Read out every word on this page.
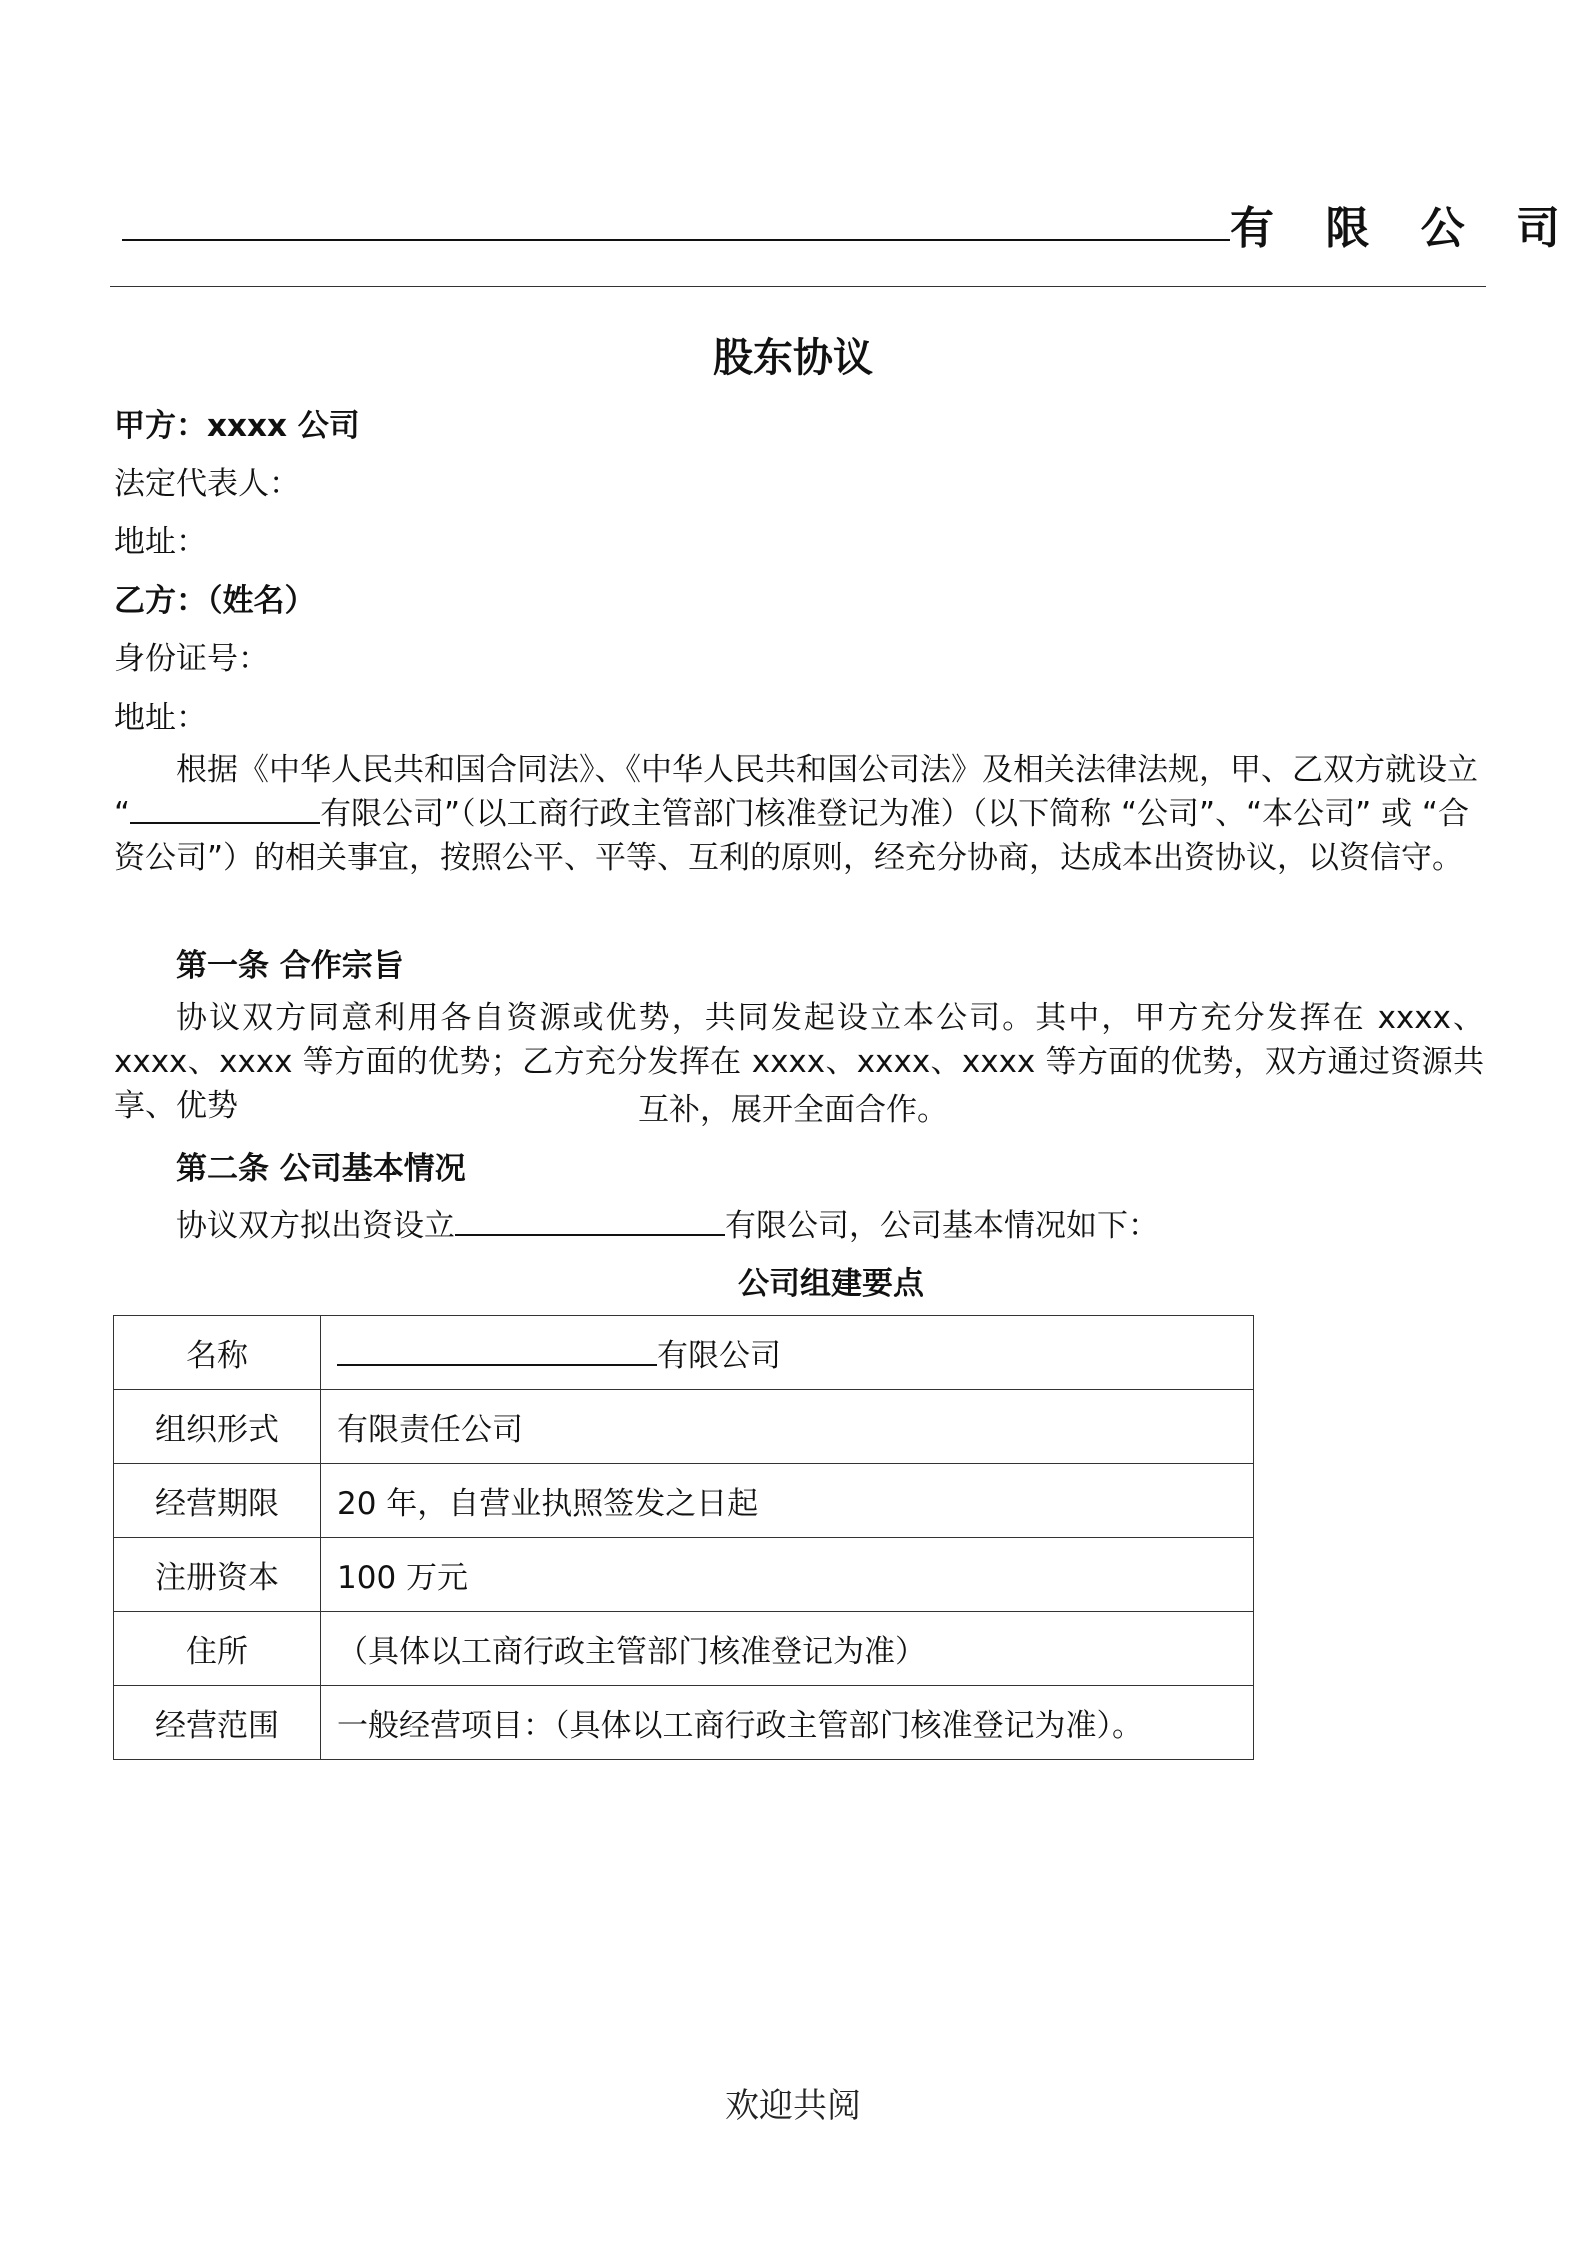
有 限 公 司
股东协议
甲方：xxxx 公司
法定代表人：
地址：
乙方：（姓名）
身份证号：
地址：
根据《中华人民共和国合同法》、《中华人民共和国公司法》及相关法律法规，甲、乙双方就设立 “	有限公司”（以工商行政主管部门核准登记为准）（以下简称 “公司”、“本公司” 或 “合资公司”）的相关事宜，按照公平、平等、互利的原则，经充分协商，达成本出资协议，以资信守。
第一条 合作宗旨
协议双方同意利用各自资源或优势，共同发起设立本公司。其中，甲方充分发挥在 xxxx、xxxx、xxxx 等方面的优势；乙方充分发挥在 xxxx、xxxx、xxxx 等方面的优势，双方通过资源共享、优势	互补，展开全面合作。
第二条 公司基本情况
协议双方拟出资设立	有限公司，公司基本情况如下：
公司组建要点
名称	有限公司
组织形式	有限责任公司
经营期限	20 年，自营业执照签发之日起
注册资本	100 万元
住所	（具体以工商行政主管部门核准登记为准）
经营范围	一般经营项目：（具体以工商行政主管部门核准登记为准）。
欢迎共阅
